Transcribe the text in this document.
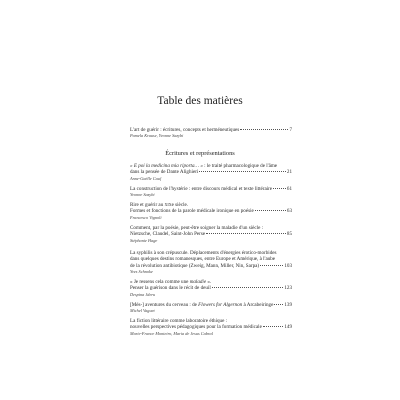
Table des matières
L'art de guérir : écritures, concepts et herméneutiques	7
Pamela Krause, Yvonne Sazybi
Écritures et représentations
« E poi la medicina mia riporta… » : le traité pharmacologique de l'âme
dans la pensée de Dante Alighieri	21
Anne-Gaëlle Cauf
La construction de l'hystérie : entre discours médical et texte littéraire	61
Yvonne Sazybi
Rire et guérir au xixe siècle.
Formes et fonctions de la parole médicale ironique en poésie	63
Francesco Vignoli
Comment, par la poésie, peut-être soigner la maladie d'un siècle :
Nietzsche, Claudel, Saint-John Perse	85
Stéphanie Hage
La syphilis à son crépuscule. Déplacements d'énergies érotico-morbides
dans quelques destins romanesques, entre Europe et Amérique, à l'aube
de la révolution antibiotique (Zweig, Mann, Miller, Nin, Sarpa)	103
Yves Schnoke
« Je ressens cela comme une maladie ».
Penser la guérison dans le récit de deuil	123
Despina Jderu
[Més-] aventures du cerveau : de Flowers for Algernon à Arcabeiringe 139
Michel Vaguet
La fiction littéraire comme laboratoire éthique :
nouvelles perspectives pédagogiques pour la formation médicale	149
Marie-France Monteiro, Maria de Jesus Cabral
